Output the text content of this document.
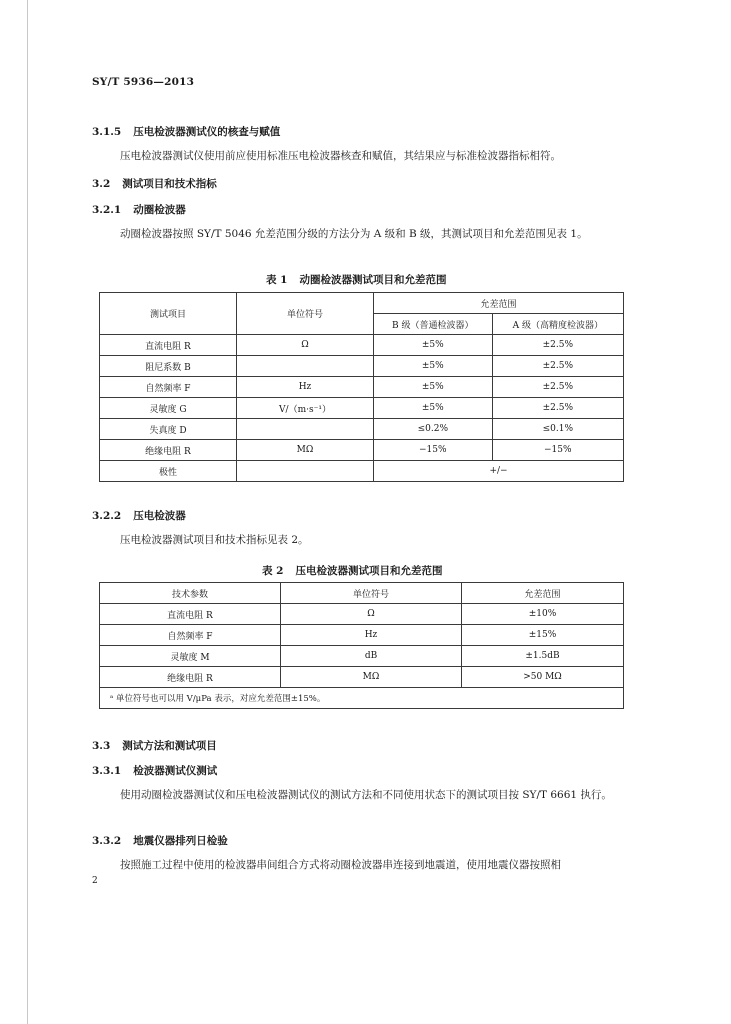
SY/T 5936—2013
3.1.5 压电检波器测试仪的核查与赋值
压电检波器测试仪使用前应使用标准压电检波器核查和赋值，其结果应与标准检波器指标相符。
3.2 测试项目和技术指标
3.2.1 动圈检波器
动圈检波器按照 SY/T 5046 允差范围分级的方法分为 A 级和 B 级，其测试项目和允差范围见表 1。
表 1 动圈检波器测试项目和允差范围
测试项目	单位符号	允差范围	
		B 级（普通检波器）	A 级（高精度检波器）
直流电阻 R	Ω	±5%	±2.5%
阻尼系数 B		±5%	±2.5%
自然频率 F	Hz	±5%	±2.5%
灵敏度 G	V/（m·s⁻¹）	±5%	±2.5%
失真度 D		≤0.2%	≤0.1%
绝缘电阻 R	MΩ	−15%	−15%
极性		+/−	
3.2.2 压电检波器
压电检波器测试项目和技术指标见表 2。
表 2 压电检波器测试项目和允差范围
技术参数	单位符号	允差范围
直流电阻 R	Ω	±10%
自然频率 F	Hz	±15%
灵敏度 M	dB	±1.5dB
绝缘电阻 R	MΩ	>50 MΩ
ᵃ 单位符号也可以用 V/μPa 表示，对应允差范围±15%。		
3.3 测试方法和测试项目
3.3.1 检波器测试仪测试
使用动圈检波器测试仪和压电检波器测试仪的测试方法和不同使用状态下的测试项目按 SY/T 6661 执行。
3.3.2 地震仪器排列日检验
按照施工过程中使用的检波器串间组合方式将动圈检波器串连接到地震道，使用地震仪器按照相
2
